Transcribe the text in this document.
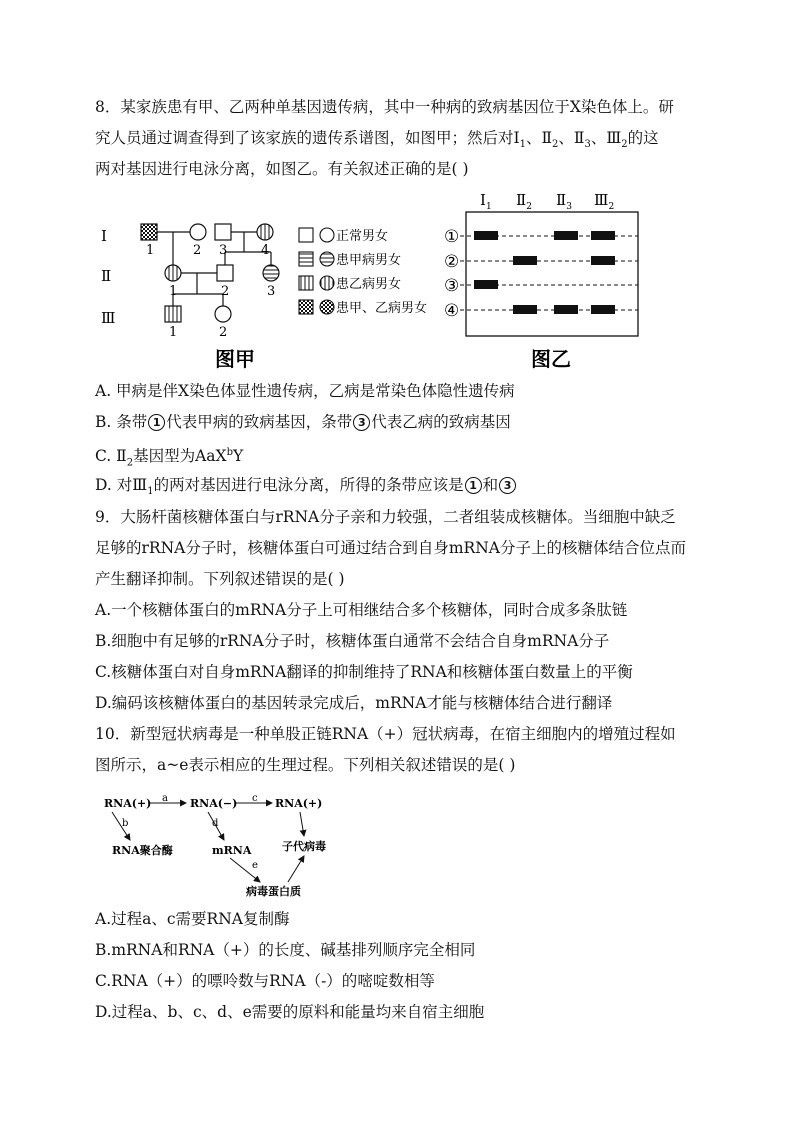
8．某家族患有甲、乙两种单基因遗传病，其中一种病的致病基因位于X染色体上。研
究人员通过调查得到了该家族的遗传系谱图，如图甲；然后对$Ⅰ_1$、$Ⅱ_2$、$Ⅱ_3$、$Ⅲ_2$的这
两对基因进行电泳分离，如图乙。有关叙述正确的是( )
Ⅰ
Ⅱ
Ⅲ
1	2 3	4
1	2	3
1	2
正常男女
患甲病男女
患乙病男女
患甲、乙病男女
图甲
$Ⅰ_1$ $Ⅱ_2$ $Ⅱ_3$ $Ⅲ_2$
①
②
③
④
图乙
A. 甲病是伴X染色体显性遗传病，乙病是常染色体隐性遗传病
B. 条带 1 代表甲病的致病基因，条带 3 代表乙病的致病基因
C. $Ⅱ_2$基因型为AaX$^b$Y
D. 对$Ⅲ_1$的两对基因进行电泳分离，所得的条带应该是 1 和 3
9．大肠杆菌核糖体蛋白与rRNA分子亲和力较强，二者组装成核糖体。当细胞中缺乏
足够的rRNA分子时，核糖体蛋白可通过结合到自身mRNA分子上的核糖体结合位点而
产生翻译抑制。下列叙述错误的是( )
A.一个核糖体蛋白的mRNA分子上可相继结合多个核糖体，同时合成多条肽链
B.细胞中有足够的rRNA分子时，核糖体蛋白通常不会结合自身mRNA分子
C.核糖体蛋白对自身mRNA翻译的抑制维持了RNA和核糖体蛋白数量上的平衡
D.编码该核糖体蛋白的基因转录完成后，mRNA才能与核糖体结合进行翻译
10．新型冠状病毒是一种单股正链RNA（+）冠状病毒，在宿主细胞内的增殖过程如
图所示，a~e表示相应的生理过程。下列相关叙述错误的是( )
RNA(+)	RNA(−)	RNA(+)
RNA聚合酶	mRNA	子代病毒
病毒蛋白质
a
b
c
d
e
A.过程a、c需要RNA复制酶
B.mRNA和RNA（+）的长度、碱基排列顺序完全相同
C.RNA（+）的嘌呤数与RNA（-）的嘧啶数相等
D.过程a、b、c、d、e需要的原料和能量均来自宿主细胞
